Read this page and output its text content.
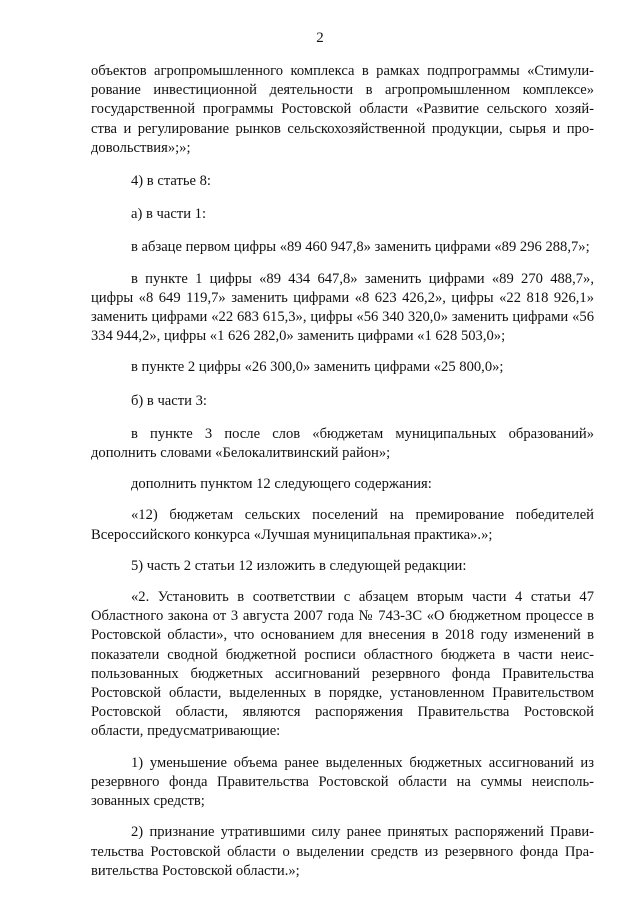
2

объектов агропромышленного комплекса в рамках подпрограммы «Стимули-рование инвестиционной деятельности в агропромышленном комплексе» государственной программы Ростовской области «Развитие сельского хозяй-ства и регулирование рынков сельскохозяйственной продукции, сырья и про-довольствия»;»;

4) в статье 8:

а) в части 1:

в абзаце первом цифры «89 460 947,8» заменить цифрами «89 296 288,7»;

в пункте 1 цифры «89 434 647,8» заменить цифрами «89 270 488,7», цифры «8 649 119,7» заменить цифрами «8 623 426,2», цифры «22 818 926,1» заменить цифрами «22 683 615,3», цифры «56 340 320,0» заменить цифрами «56 334 944,2», цифры «1 626 282,0» заменить цифрами «1 628 503,0»;

в пункте 2 цифры «26 300,0» заменить цифрами «25 800,0»;

б) в части 3:

в пункте 3 после слов «бюджетам муниципальных образований» дополнить словами «Белокалитвинский район»;

дополнить пунктом 12 следующего содержания:

«12) бюджетам сельских поселений на премирование победителей Всероссийского конкурса «Лучшая муниципальная практика».»;

5) часть 2 статьи 12 изложить в следующей редакции:

«2. Установить в соответствии с абзацем вторым части 4 статьи 47 Областного закона от 3 августа 2007 года № 743-ЗС «О бюджетном процессе в Ростовской области», что основанием для внесения в 2018 году изменений в показатели сводной бюджетной росписи областного бюджета в части неис-пользованных бюджетных ассигнований резервного фонда Правительства Ростовской области, выделенных в порядке, установленном Правительством Ростовской области, являются распоряжения Правительства Ростовской области, предусматривающие:

1) уменьшение объема ранее выделенных бюджетных ассигнований из резервного фонда Правительства Ростовской области на суммы неисполь-зованных средств;

2) признание утратившими силу ранее принятых распоряжений Прави-тельства Ростовской области о выделении средств из резервного фонда Пра-вительства Ростовской области.»;
